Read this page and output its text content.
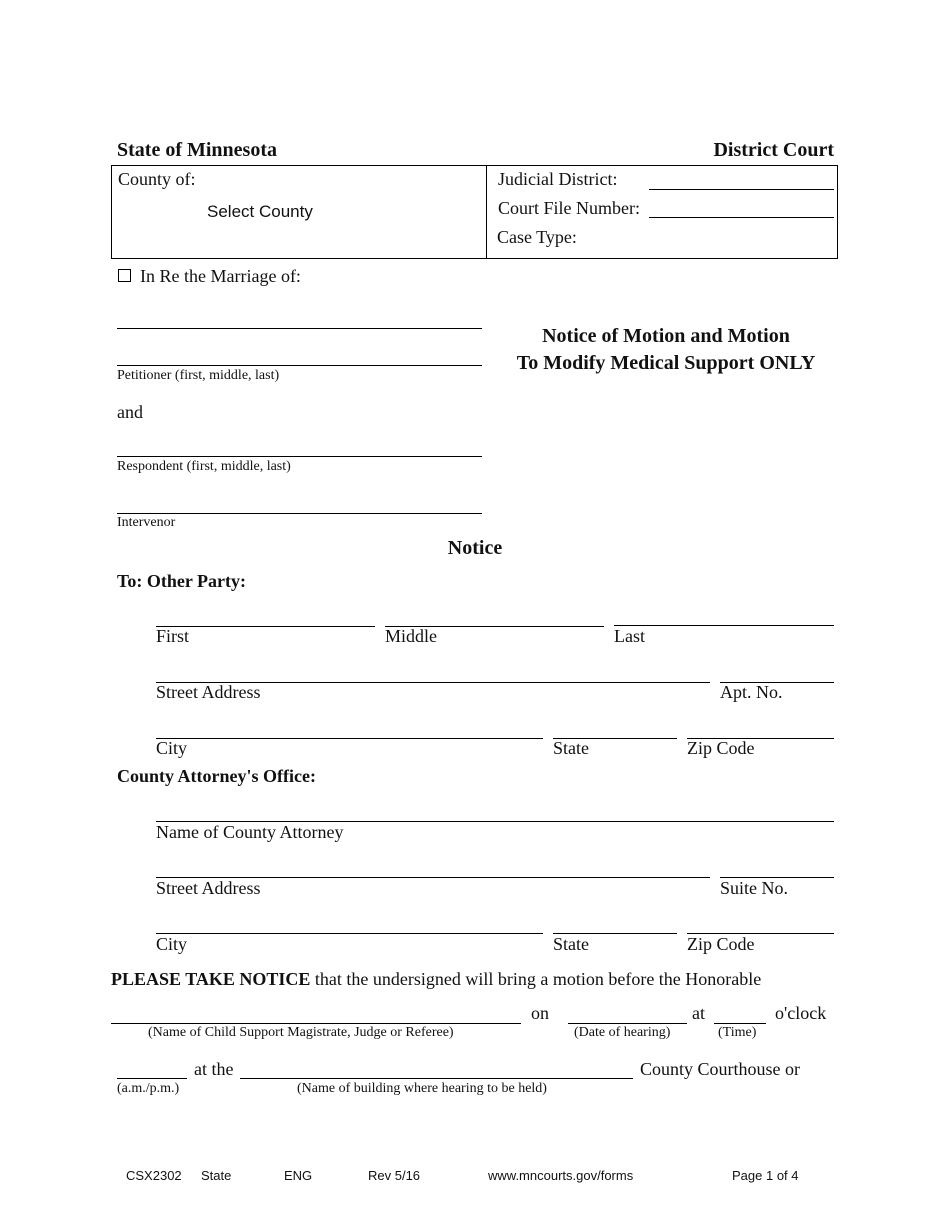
State of Minnesota	District Court
County of:
Select County
Judicial District:
Court File Number:
Case Type:
In Re the Marriage of:
Petitioner (first, middle, last)
and
Respondent (first, middle, last)
Intervenor
Notice of Motion and Motion
To Modify Medical Support ONLY
Notice
To: Other Party:
First	Middle	Last
Street Address	Apt. No.
City	State	Zip Code
County Attorney's Office:
Name of County Attorney
Street Address	Suite No.
City	State	Zip Code
PLEASE TAKE NOTICE that the undersigned will bring a motion before the Honorable
on	at	o'clock
(Name of Child Support Magistrate, Judge or Referee)	(Date of hearing)	(Time)
at the	County Courthouse or
(a.m./p.m.)	(Name of building where hearing to be held)
CSX2302 State	ENG	Rev 5/16	www.mncourts.gov/forms	Page 1 of 4
